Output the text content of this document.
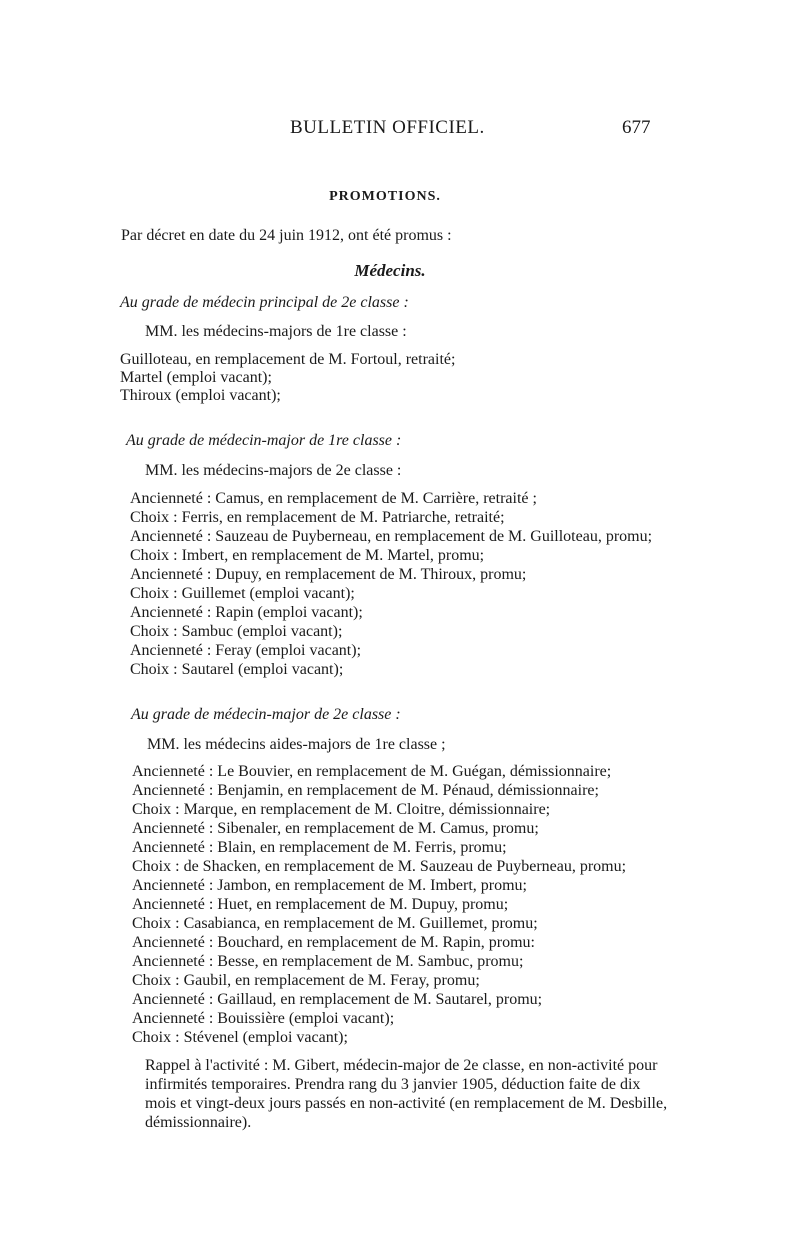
BULLETIN OFFICIEL.	677
PROMOTIONS.
Par décret en date du 24 juin 1912, ont été promus :
Médecins.
Au grade de médecin principal de 2e classe :
MM. les médecins-majors de 1re classe :
Guilloteau, en remplacement de M. Fortoul, retraité;
Martel (emploi vacant);
Thiroux (emploi vacant);
Au grade de médecin-major de 1re classe :
MM. les médecins-majors de 2e classe :
Ancienneté : Camus, en remplacement de M. Carrière, retraité ;
Choix : Ferris, en remplacement de M. Patriarche, retraité;
Ancienneté : Sauzeau de Puyberneau, en remplacement de M. Guilloteau, promu;
Choix : Imbert, en remplacement de M. Martel, promu;
Ancienneté : Dupuy, en remplacement de M. Thiroux, promu;
Choix : Guillemet (emploi vacant);
Ancienneté : Rapin (emploi vacant);
Choix : Sambuc (emploi vacant);
Ancienneté : Feray (emploi vacant);
Choix : Sautarel (emploi vacant);
Au grade de médecin-major de 2e classe :
MM. les médecins aides-majors de 1re classe ;
Ancienneté : Le Bouvier, en remplacement de M. Guégan, démissionnaire;
Ancienneté : Benjamin, en remplacement de M. Pénaud, démissionnaire;
Choix : Marque, en remplacement de M. Cloitre, démissionnaire;
Ancienneté : Sibenaler, en remplacement de M. Camus, promu;
Ancienneté : Blain, en remplacement de M. Ferris, promu;
Choix : de Shacken, en remplacement de M. Sauzeau de Puyberneau, promu;
Ancienneté : Jambon, en remplacement de M. Imbert, promu;
Ancienneté : Huet, en remplacement de M. Dupuy, promu;
Choix : Casabianca, en remplacement de M. Guillemet, promu;
Ancienneté : Bouchard, en remplacement de M. Rapin, promu:
Ancienneté : Besse, en remplacement de M. Sambuc, promu;
Choix : Gaubil, en remplacement de M. Feray, promu;
Ancienneté : Gaillaud, en remplacement de M. Sautarel, promu;
Ancienneté : Bouissière (emploi vacant);
Choix : Stévenel (emploi vacant);
Rappel à l'activité : M. Gibert, médecin-major de 2e classe, en non-activité pour
infirmités temporaires. Prendra rang du 3 janvier 1905, déduction faite de dix
mois et vingt-deux jours passés en non-activité (en remplacement de M. Desbille,
démissionnaire).
